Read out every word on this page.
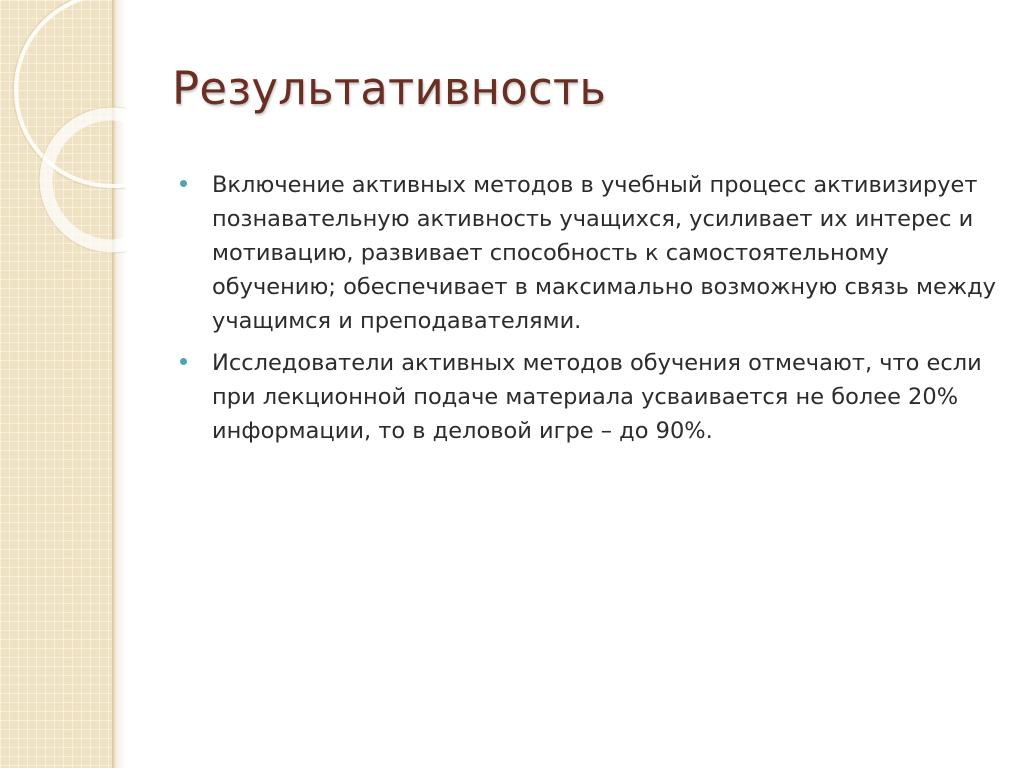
Результативность
Включение активных методов в учебный процесс активизирует познавательную активность учащихся, усиливает их интерес и мотивацию, развивает способность к самостоятельному обучению; обеспечивает в максимально возможную связь между учащимся и преподавателями.
Исследователи активных методов обучения отмечают, что если при лекционной подаче материала усваивается не более 20% информации, то в деловой игре – до 90%.
